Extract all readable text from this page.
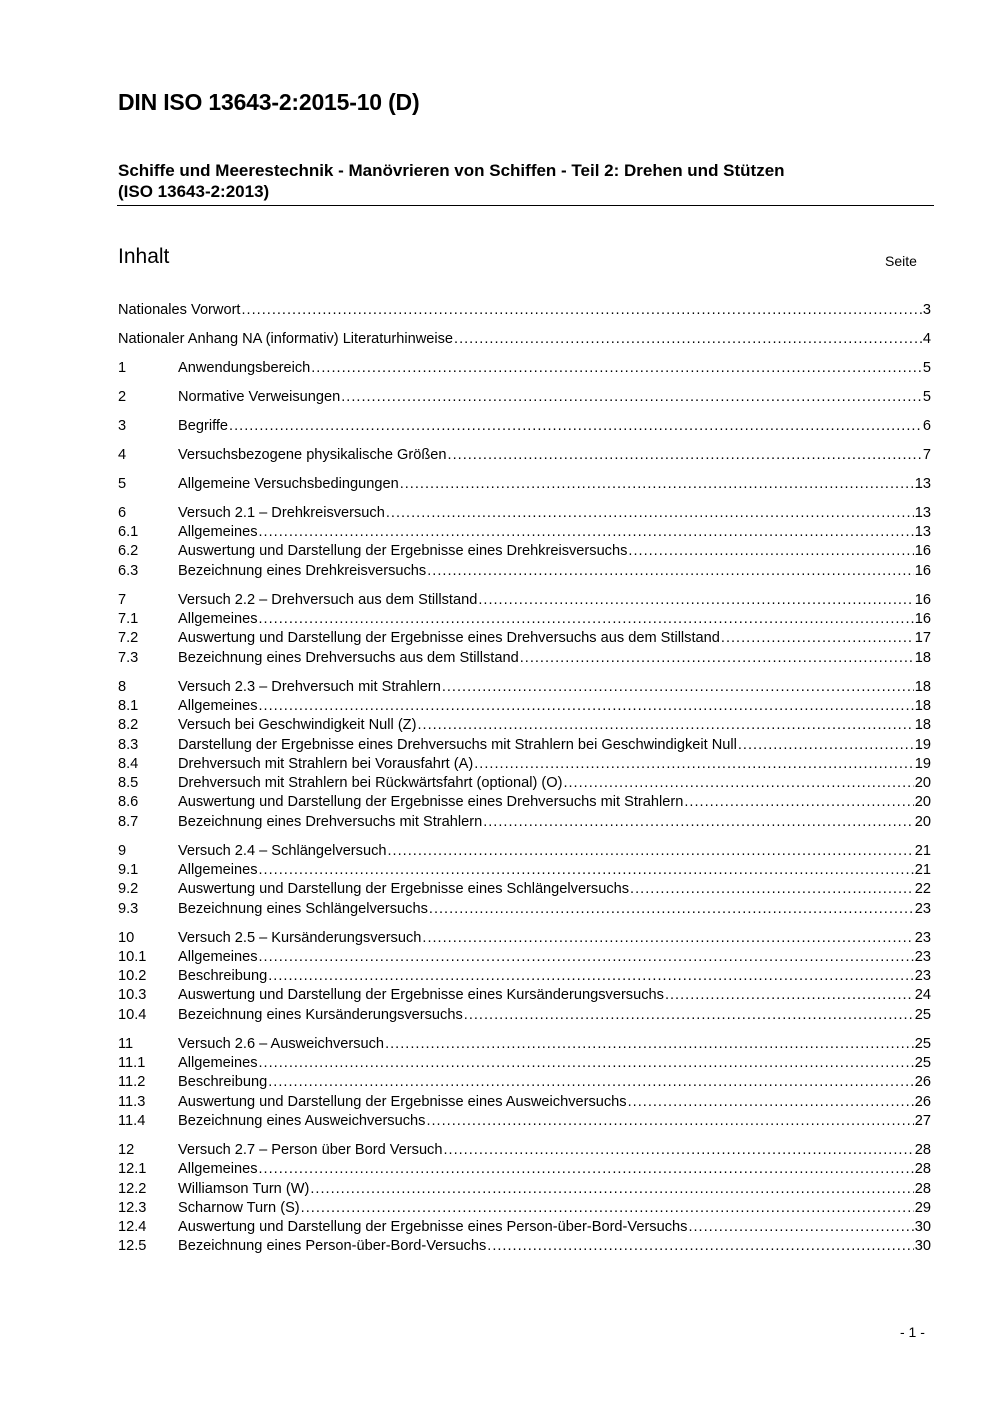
DIN ISO 13643-2:2015-10 (D)
Schiffe und Meerestechnik - Manövrieren von Schiffen - Teil 2: Drehen und Stützen
(ISO 13643-2:2013)
Inhalt	Seite
Nationales Vorwort .....	3
Nationaler Anhang NA (informativ) Literaturhinweise .....	4
1	Anwendungsbereich .....	5
2	Normative Verweisungen .....	5
3	Begriffe .....	6
4	Versuchsbezogene physikalische Größen .....	7
5	Allgemeine Versuchsbedingungen .....	13
6	Versuch 2.1 – Drehkreisversuch .....	13
6.1	Allgemeines .....	13
6.2	Auswertung und Darstellung der Ergebnisse eines Drehkreisversuchs .....	16
6.3	Bezeichnung eines Drehkreisversuchs .....	16
7	Versuch 2.2 – Drehversuch aus dem Stillstand .....	16
7.1	Allgemeines .....	16
7.2	Auswertung und Darstellung der Ergebnisse eines Drehversuchs aus dem Stillstand .....	17
7.3	Bezeichnung eines Drehversuchs aus dem Stillstand .....	18
8	Versuch 2.3 – Drehversuch mit Strahlern .....	18
8.1	Allgemeines .....	18
8.2	Versuch bei Geschwindigkeit Null (Z) .....	18
8.3	Darstellung der Ergebnisse eines Drehversuchs mit Strahlern bei Geschwindigkeit Null .....	19
8.4	Drehversuch mit Strahlern bei Vorausfahrt (A) .....	19
8.5	Drehversuch mit Strahlern bei Rückwärtsfahrt (optional) (O) .....	20
8.6	Auswertung und Darstellung der Ergebnisse eines Drehversuchs mit Strahlern .....	20
8.7	Bezeichnung eines Drehversuchs mit Strahlern .....	20
9	Versuch 2.4 – Schlängelversuch .....	21
9.1	Allgemeines .....	21
9.2	Auswertung und Darstellung der Ergebnisse eines Schlängelversuchs .....	22
9.3	Bezeichnung eines Schlängelversuchs .....	23
10	Versuch 2.5 – Kursänderungsversuch .....	23
10.1	Allgemeines .....	23
10.2	Beschreibung .....	23
10.3	Auswertung und Darstellung der Ergebnisse eines Kursänderungsversuchs .....	24
10.4	Bezeichnung eines Kursänderungsversuchs .....	25
11	Versuch 2.6 – Ausweichversuch .....	25
11.1	Allgemeines .....	25
11.2	Beschreibung .....	26
11.3	Auswertung und Darstellung der Ergebnisse eines Ausweichversuchs .....	26
11.4	Bezeichnung eines Ausweichversuchs .....	27
12	Versuch 2.7 – Person über Bord Versuch .....	28
12.1	Allgemeines .....	28
12.2	Williamson Turn (W) .....	28
12.3	Scharnow Turn (S) .....	29
12.4	Auswertung und Darstellung der Ergebnisse eines Person-über-Bord-Versuchs .....	30
12.5	Bezeichnung eines Person-über-Bord-Versuchs .....	30
- 1 -
